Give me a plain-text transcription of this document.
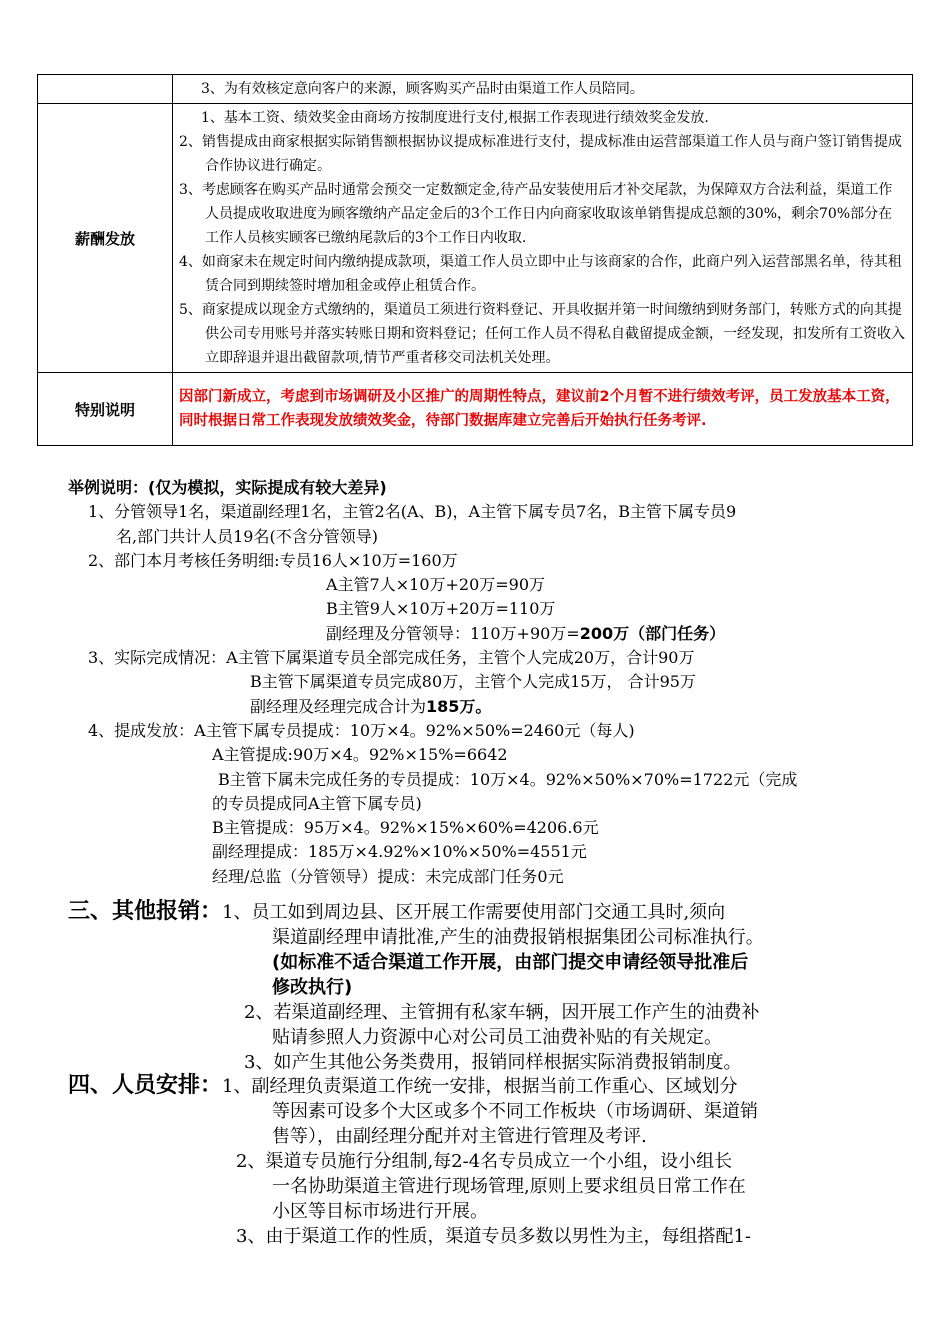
	3、为有效核定意向客户的来源，顾客购买产品时由渠道工作人员陪同。

薪酬发放	1、基本工资、绩效奖金由商场方按制度进行支付,根据工作表现进行绩效奖金发放.
2、销售提成由商家根据实际销售额根据协议提成标准进行支付，提成标准由运营部渠道工作人员与商户签订销售提成合作协议进行确定。
3、考虑顾客在购买产品时通常会预交一定数额定金,待产品安装使用后才补交尾款，为保障双方合法利益，渠道工作人员提成收取进度为顾客缴纳产品定金后的3个工作日内向商家收取该单销售提成总额的30%，剩余70%部分在工作人员核实顾客已缴纳尾款后的3个工作日内收取.
4、如商家未在规定时间内缴纳提成款项，渠道工作人员立即中止与该商家的合作，此商户列入运营部黑名单，待其租赁合同到期续签时增加租金或停止租赁合作。
5、商家提成以现金方式缴纳的，渠道员工须进行资料登记、开具收据并第一时间缴纳到财务部门，转账方式的向其提供公司专用账号并落实转账日期和资料登记；任何工作人员不得私自截留提成金额，一经发现，扣发所有工资收入立即辞退并退出截留款项,情节严重者移交司法机关处理。

特别说明	因部门新成立，考虑到市场调研及小区推广的周期性特点，建议前2个月暂不进行绩效考评，员工发放基本工资，同时根据日常工作表现发放绩效奖金，待部门数据库建立完善后开始执行任务考评.
举例说明：(仅为模拟，实际提成有较大差异)
1、分管领导1名，渠道副经理1名，主管2名(A、B)，A主管下属专员7名，B主管下属专员9
名,部门共计人员19名(不含分管领导)
2、部门本月考核任务明细:专员16人×10万=160万
A主管7人×10万+20万=90万
B主管9人×10万+20万=110万
副经理及分管领导：110万+90万=200万（部门任务）
3、实际完成情况：A主管下属渠道专员全部完成任务，主管个人完成20万，合计90万
B主管下属渠道专员完成80万，主管个人完成15万， 合计95万
副经理及经理完成合计为185万。
4、提成发放：A主管下属专员提成：10万×4。92%×50%=2460元（每人)
A主管提成:90万×4。92%×15%=6642
B主管下属未完成任务的专员提成：10万×4。92%×50%×70%=1722元（完成
的专员提成同A主管下属专员)
B主管提成：95万×4。92%×15%×60%=4206.6元
副经理提成：185万×4.92%×10%×50%=4551元
经理/总监（分管领导）提成：未完成部门任务0元
三、其他报销：1、员工如到周边县、区开展工作需要使用部门交通工具时,须向
渠道副经理申请批准,产生的油费报销根据集团公司标准执行。
(如标准不适合渠道工作开展，由部门提交申请经领导批准后
修改执行)
2、若渠道副经理、主管拥有私家车辆，因开展工作产生的油费补
贴请参照人力资源中心对公司员工油费补贴的有关规定。
3、如产生其他公务类费用，报销同样根据实际消费报销制度。
四、人员安排：1、副经理负责渠道工作统一安排，根据当前工作重心、区域划分
等因素可设多个大区或多个不同工作板块（市场调研、渠道销
售等），由副经理分配并对主管进行管理及考评.
2、渠道专员施行分组制,每2-4名专员成立一个小组，设小组长
一名协助渠道主管进行现场管理,原则上要求组员日常工作在
小区等目标市场进行开展。
3、由于渠道工作的性质，渠道专员多数以男性为主，每组搭配1-
